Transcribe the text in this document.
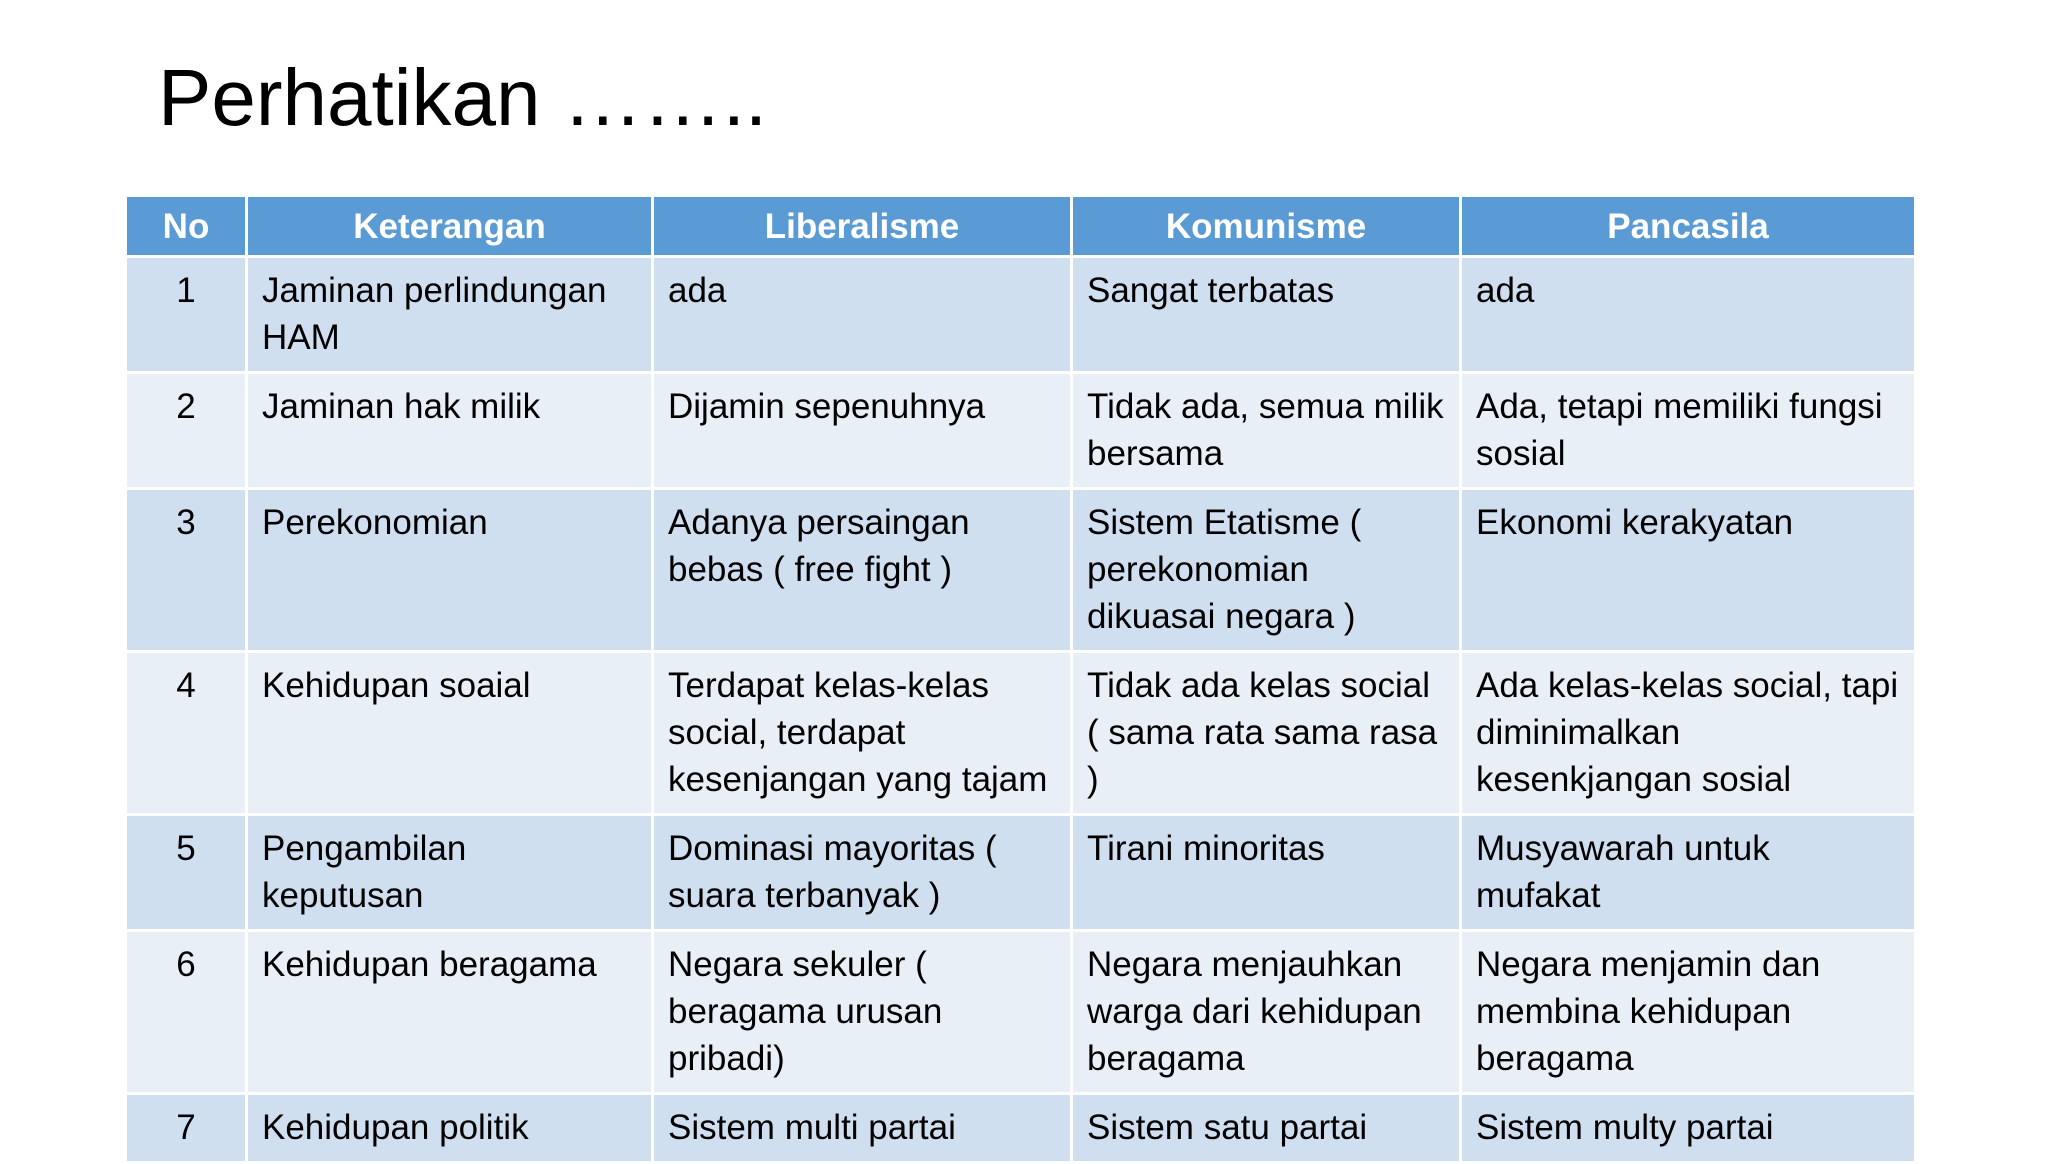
Perhatikan ……..
No	Keterangan	Liberalisme	Komunisme	Pancasila
1	Jaminan perlindungan HAM	ada	Sangat terbatas	ada
2	Jaminan hak milik	Dijamin sepenuhnya	Tidak ada, semua milik bersama	Ada, tetapi memiliki fungsi sosial
3	Perekonomian	Adanya persaingan bebas ( free fight )	Sistem Etatisme ( perekonomian dikuasai negara )	Ekonomi kerakyatan
4	Kehidupan soaial	Terdapat kelas-kelas social, terdapat kesenjangan yang tajam	Tidak ada kelas social ( sama rata sama rasa )	Ada kelas-kelas social, tapi diminimalkan kesenkjangan sosial
5	Pengambilan keputusan	Dominasi mayoritas ( suara terbanyak )	Tirani minoritas	Musyawarah untuk mufakat
6	Kehidupan beragama	Negara sekuler ( beragama urusan pribadi)	Negara menjauhkan warga dari kehidupan beragama	Negara menjamin dan membina kehidupan beragama
7	Kehidupan politik	Sistem multi partai	Sistem satu partai	Sistem multy partai
